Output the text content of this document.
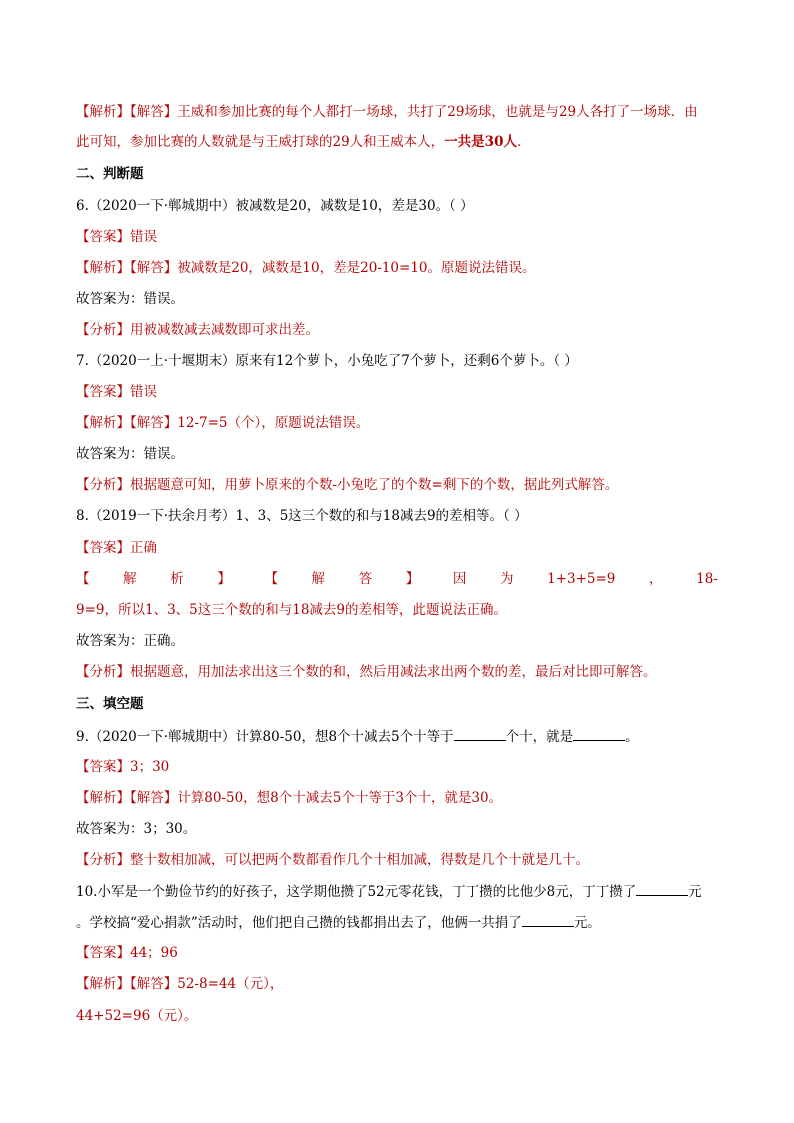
【解析】【解答】王威和参加比赛的每个人都打一场球，共打了29场球，也就是与29人各打了一场球．由
此可知，参加比赛的人数就是与王威打球的29人和王威本人，一共是30人．
二、判断题
6.（2020一下·郸城期中）被减数是20，减数是10，差是30。（ ）
【答案】错误
【解析】【解答】被减数是20，减数是10，差是20-10=10。原题说法错误。
故答案为：错误。
【分析】用被减数减去减数即可求出差。
7.（2020一上·十堰期末）原来有12个萝卜，小兔吃了7个萝卜，还剩6个萝卜。（ ）
【答案】错误
【解析】【解答】12-7=5（个），原题说法错误。
故答案为：错误。
【分析】根据题意可知，用萝卜原来的个数-小兔吃了的个数=剩下的个数，据此列式解答。
8.（2019一下·扶余月考）1、3、5这三个数的和与18减去9的差相等。（ ）
【答案】正确
【 解 析 】 【 解 答 】 因 为 1+3+5=9 ， 18-
9=9，所以1、3、5这三个数的和与18减去9的差相等，此题说法正确。
故答案为：正确。
【分析】根据题意，用加法求出这三个数的和，然后用减法求出两个数的差，最后对比即可解答。
三、填空题
9.（2020一下·郸城期中）计算80-50，想8个十减去5个十等于	个十，就是	。
【答案】3；30
【解析】【解答】计算80-50，想8个十减去5个十等于3个十，就是30。
故答案为：3；30。
【分析】整十数相加减，可以把两个数都看作几个十相加减，得数是几个十就是几十。
10.小军是一个勤俭节约的好孩子，这学期他攒了52元零花钱，丁丁攒的比他少8元，丁丁攒了	元
。学校搞“爱心捐款”活动时，他们把自己攒的钱都捐出去了，他俩一共捐了	元。
【答案】44；96
【解析】【解答】52-8=44（元），
44+52=96（元）。
